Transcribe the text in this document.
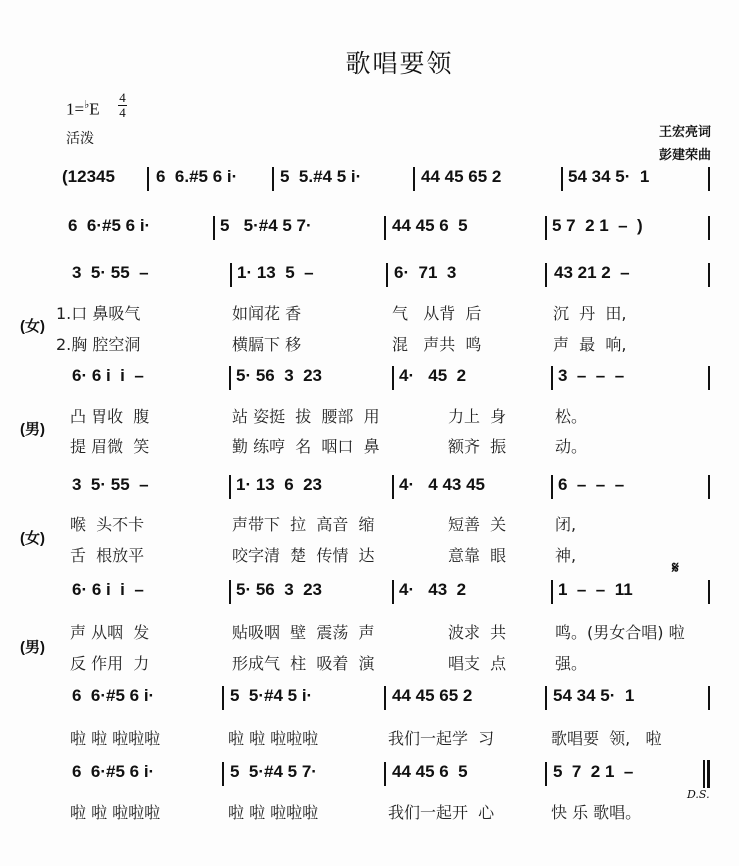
歌唱要领
1=♭E
4
4
活泼	王宏亮词
彭建荣曲
(12345 6  6.#5 6 i·	5  5.#4 5 i·	44 45 65 2	54 34 5·  1
6  6·#5 6 i·	5   5·#4 5 7·	44 45 6  5	5 7  2 1  –  )
3  5· 55  –	1· 13  5  –	6·  71  3	43 21 2  –
(女)
1.口 鼻吸气	如闻花 香	气   从背  后	沉  丹  田,
2.胸 腔空洞	横膈下 移	混   声共  鸣	声  最  响,
6· 6 i  i  –	5· 56  3  23	4·   45  2	3  –  –  –
(男)
凸 胃收  腹	站 姿挺  拔  腰部  用	力上  身	松。
提 眉微  笑	勤 练哼  名  咽口  鼻	额齐  振	动。
3  5· 55  –	1· 13  6  23	4·   4 43 45	6  –  –  –
(女)
喉  头不卡	声带下  拉  高音  缩	短善  关	闭,
舌  根放平	咬字清  楚  传情  达	意靠  眼	神,
𝄋
6· 6 i  i  –	5· 56  3  23	4·   43  2	1  –  –  11
(男)
声 从咽  发	贴吸咽  壁  震荡  声	波求  共	鸣。(男女合唱) 啦
反 作用  力	形成气  柱  吸着  演	唱支  点	强。
6  6·#5 6 i·	5  5·#4 5 i·	44 45 65 2	54 34 5·  1
啦 啦 啦啦啦	啦 啦 啦啦啦	我们一起学  习	歌唱要  领,   啦
6  6·#5 6 i·	5  5·#4 5 7·	44 45 6  5	5  7  2 1  –
D.S.
啦 啦 啦啦啦	啦 啦 啦啦啦	我们一起开  心	快 乐 歌唱。
